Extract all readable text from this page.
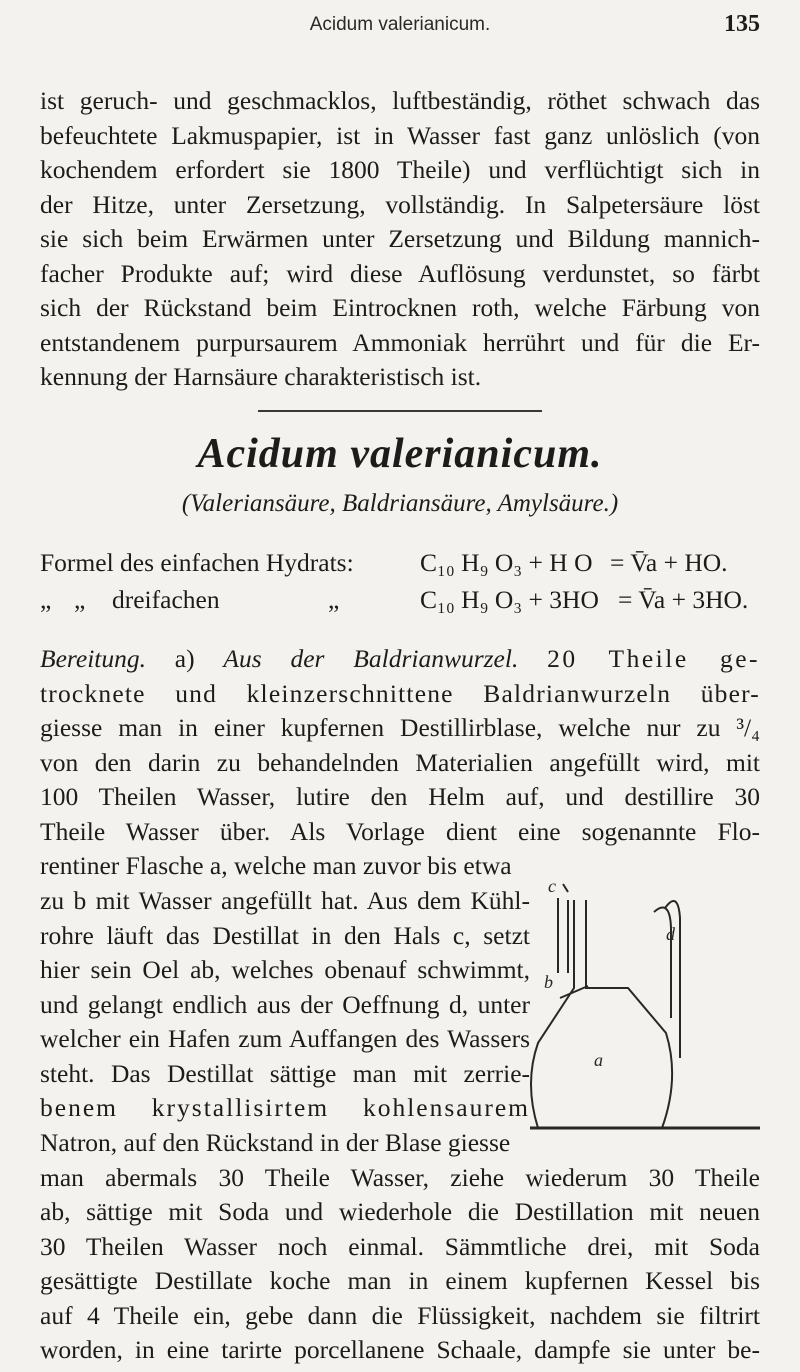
Acidum valerianicum.	135
ist geruch- und geschmacklos, luftbeständig, röthet schwach das
befeuchtete Lakmuspapier, ist in Wasser fast ganz unlöslich (von
kochendem erfordert sie 1800 Theile) und verflüchtigt sich in
der Hitze, unter Zersetzung, vollständig. In Salpetersäure löst
sie sich beim Erwärmen unter Zersetzung und Bildung mannich-
facher Produkte auf; wird diese Auflösung verdunstet, so färbt
sich der Rückstand beim Eintrocknen roth, welche Färbung von
entstandenem purpursaurem Ammoniak herrührt und für die Er-
kennung der Harnsäure charakteristisch ist.
Acidum valerianicum.
(Valeriansäure, Baldriansäure, Amylsäure.)
Formel des einfachen Hydrats:	C₁₀ H₉ O₃ + H O = V̄a + HO.
„ „ dreifachen	„	C₁₀ H₉ O₃ + 3HO = V̄a + 3HO.
Bereitung. a) Aus der Baldrianwurzel. 20 Theile ge-
trocknete und kleinzerschnittene Baldrianwurzeln über-
giesse man in einer kupfernen Destillirblase, welche nur zu ³/₄
von den darin zu behandelnden Materialien angefüllt wird, mit
100 Theilen Wasser, lutire den Helm auf, und destillire 30
Theile Wasser über. Als Vorlage dient eine sogenannte Flo-
rentiner Flasche a, welche man zuvor bis etwa
zu b mit Wasser angefüllt hat. Aus dem Kühl-
rohre läuft das Destillat in den Hals c, setzt
hier sein Oel ab, welches obenauf schwimmt,
und gelangt endlich aus der Oeffnung d, unter
welcher ein Hafen zum Auffangen des Wassers
steht. Das Destillat sättige man mit zerrie-
benem krystallisirtem kohlensaurem
c
b
d
a
Natron, auf den Rückstand in der Blase giesse
man abermals 30 Theile Wasser, ziehe wiederum 30 Theile
ab, sättige mit Soda und wiederhole die Destillation mit neuen
30 Theilen Wasser noch einmal. Sämmtliche drei, mit Soda
gesättigte Destillate koche man in einem kupfernen Kessel bis
auf 4 Theile ein, gebe dann die Flüssigkeit, nachdem sie filtrirt
worden, in eine tarirte porcellanene Schaale, dampfe sie unter be-
